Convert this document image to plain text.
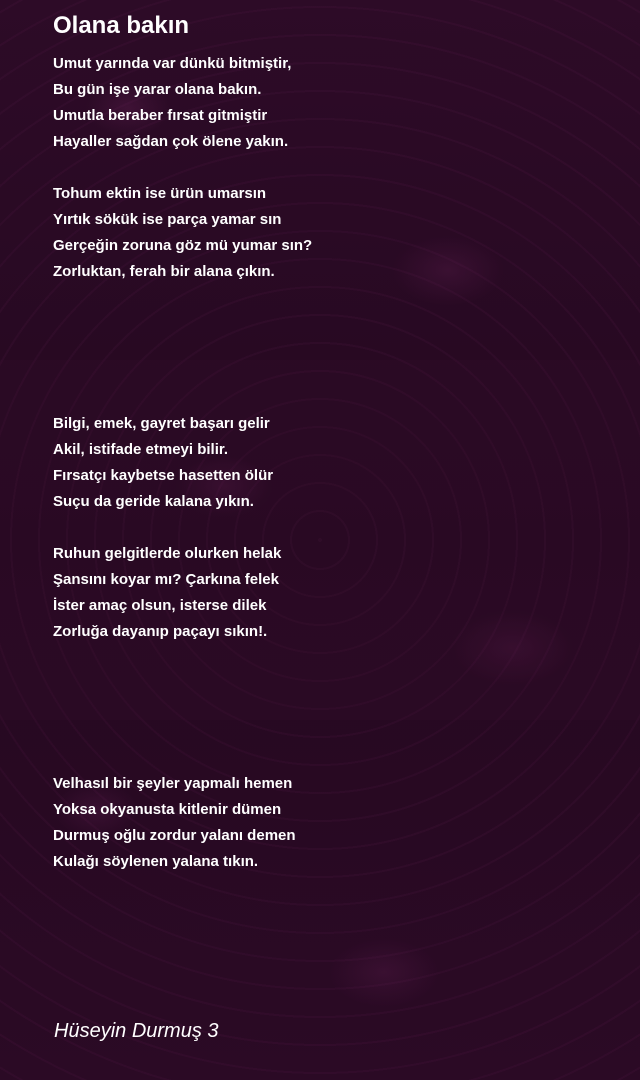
Olana bakın
Umut yarında var dünkü bitmiştir,
Bu gün işe yarar olana bakın.
Umutla beraber fırsat gitmiştir
Hayaller sağdan çok ölene yakın.
Tohum ektin ise ürün umarsın
Yırtık sökük ise parça yamar sın
Gerçeğin zoruna göz mü yumar sın?
Zorluktan, ferah bir alana çıkın.
Bilgi, emek, gayret başarı gelir
Akil, istifade etmeyi bilir.
Fırsatçı kaybetse hasetten ölür
Suçu da geride kalana yıkın.
Ruhun gelgitlerde olurken helak
Şansını koyar mı? Çarkına felek
İster amaç olsun, isterse dilek
Zorluğa dayanıp paçayı sıkın!.
Velhasıl bir şeyler yapmalı hemen
Yoksa okyanusta kitlenir dümen
Durmuş oğlu zordur yalanı demen
Kulağı söylenen yalana tıkın.
Hüseyin Durmuş 3
